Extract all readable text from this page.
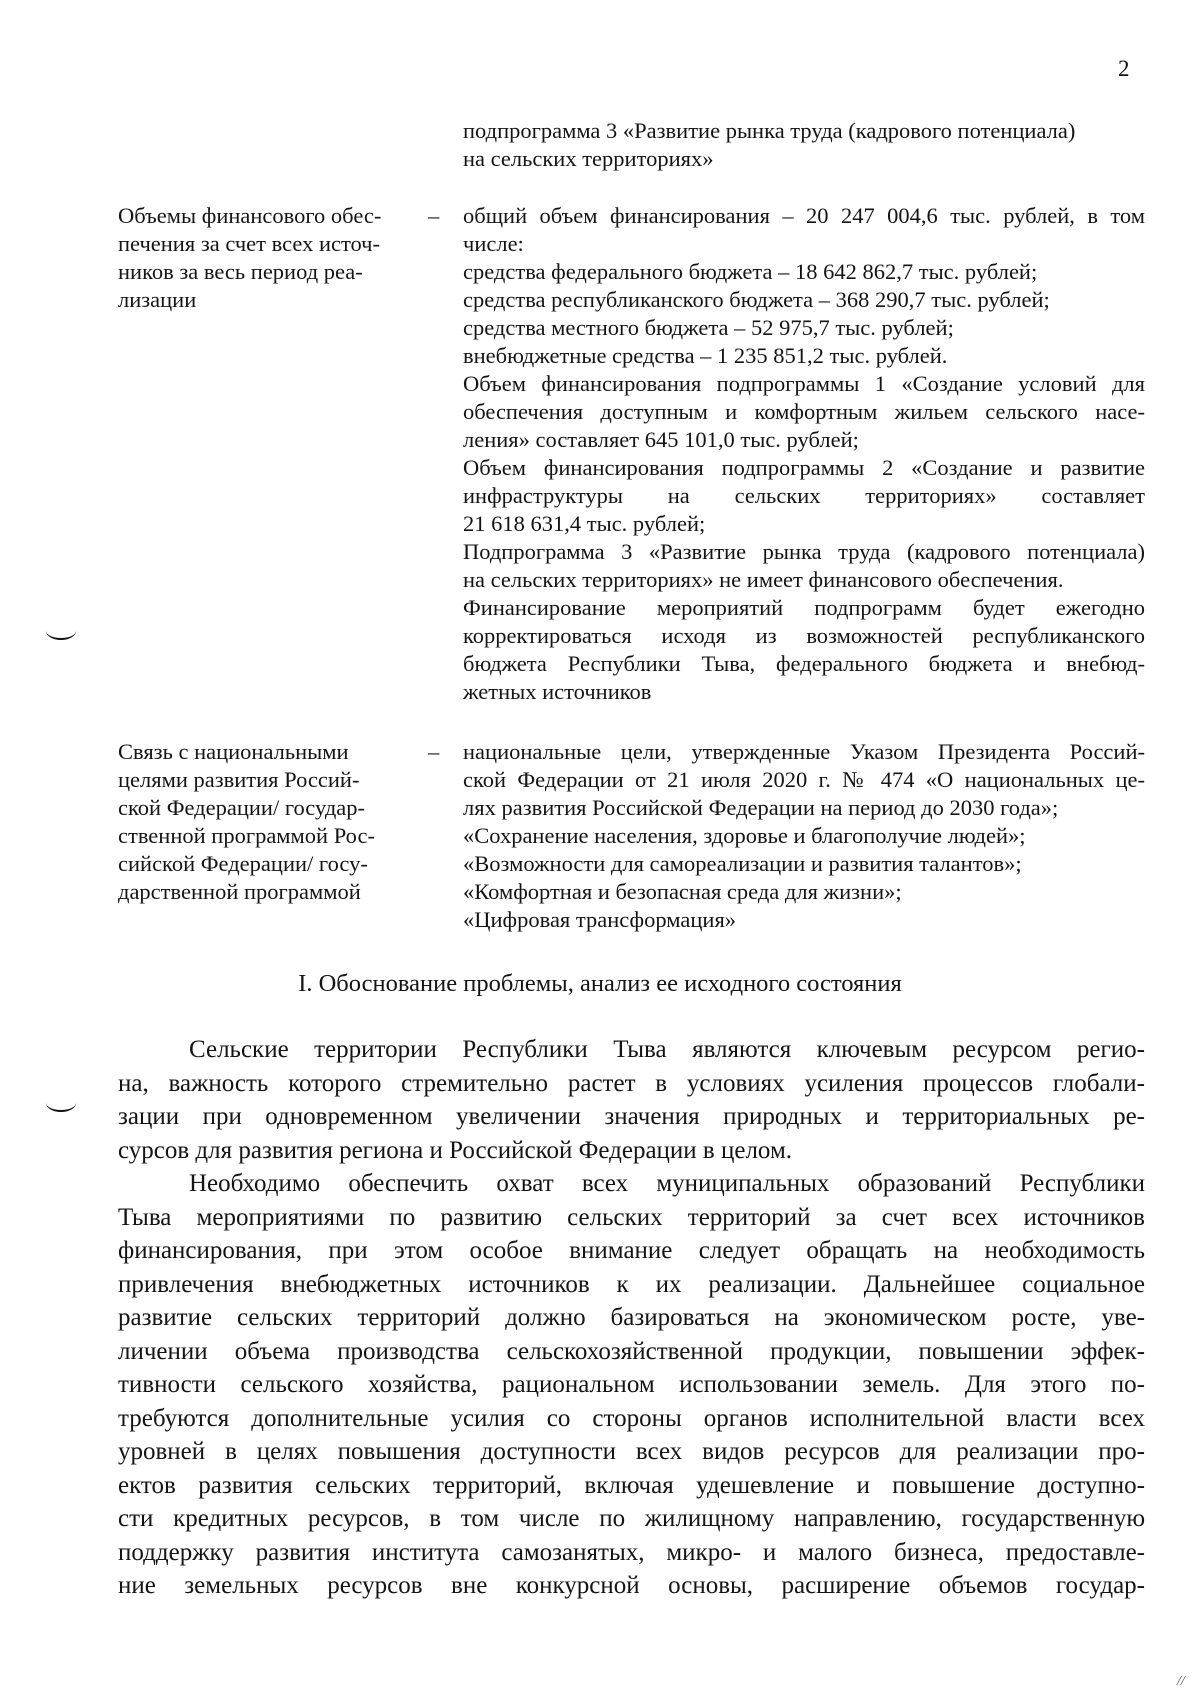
2
подпрограмма 3 «Развитие рынка труда (кадрового потенциала)
на сельских территориях»
Объемы финансового обес-
печения за счет всех источ-
ников за весь период реа-
лизации
– общий объем финансирования – 20 247 004,6 тыс. рублей, в том
числе:
средства федерального бюджета – 18 642 862,7 тыс. рублей;
средства республиканского бюджета – 368 290,7 тыс. рублей;
средства местного бюджета – 52 975,7 тыс. рублей;
внебюджетные средства – 1 235 851,2 тыс. рублей.
Объем финансирования подпрограммы 1 «Создание условий для
обеспечения доступным и комфортным жильем сельского насе-
ления» составляет 645 101,0 тыс. рублей;
Объем финансирования подпрограммы 2 «Создание и развитие
инфраструктуры на сельских территориях» составляет
21 618 631,4 тыс. рублей;
Подпрограмма 3 «Развитие рынка труда (кадрового потенциала)
на сельских территориях» не имеет финансового обеспечения.
Финансирование мероприятий подпрограмм будет ежегодно
корректироваться исходя из возможностей республиканского
бюджета Республики Тыва, федерального бюджета и внебюд-
жетных источников
Связь с национальными
целями развития Россий-
ской Федерации/ государ-
ственной программой Рос-
сийской Федерации/ госу-
дарственной программой
– национальные цели, утвержденные Указом Президента Россий-
ской Федерации от 21 июля 2020 г. № 474 «О национальных це-
лях развития Российской Федерации на период до 2030 года»;
«Сохранение населения, здоровье и благополучие людей»;
«Возможности для самореализации и развития талантов»;
«Комфортная и безопасная среда для жизни»;
«Цифровая трансформация»
I. Обоснование проблемы, анализ ее исходного состояния
Сельские территории Республики Тыва являются ключевым ресурсом регио-
на, важность которого стремительно растет в условиях усиления процессов глобали-
зации при одновременном увеличении значения природных и территориальных ре-
сурсов для развития региона и Российской Федерации в целом.
Необходимо обеспечить охват всех муниципальных образований Республики
Тыва мероприятиями по развитию сельских территорий за счет всех источников
финансирования, при этом особое внимание следует обращать на необходимость
привлечения внебюджетных источников к их реализации. Дальнейшее социальное
развитие сельских территорий должно базироваться на экономическом росте, уве-
личении объема производства сельскохозяйственной продукции, повышении эффек-
тивности сельского хозяйства, рациональном использовании земель. Для этого по-
требуются дополнительные усилия со стороны органов исполнительной власти всех
уровней в целях повышения доступности всех видов ресурсов для реализации про-
ектов развития сельских территорий, включая удешевление и повышение доступно-
сти кредитных ресурсов, в том числе по жилищному направлению, государственную
поддержку развития института самозанятых, микро- и малого бизнеса, предоставле-
ние земельных ресурсов вне конкурсной основы, расширение объемов государ-
//
